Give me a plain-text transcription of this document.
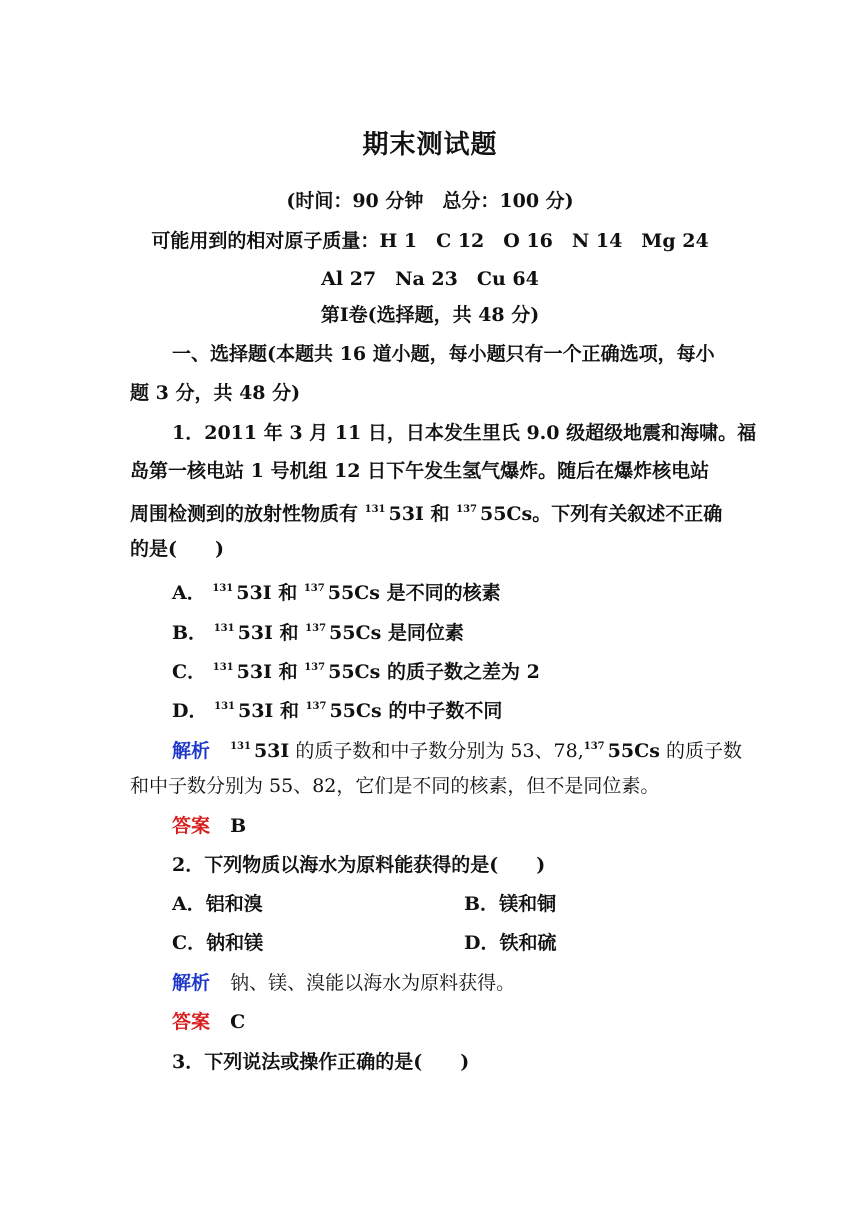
期末测试题
(时间：90 分钟　总分：100 分)
可能用到的相对原子质量：H 1　C 12　O 16　N 14　Mg 24
Al 27　Na 23　Cu 64
第Ⅰ卷(选择题，共 48 分)
一、选择题(本题共 16 道小题，每小题只有一个正确选项，每小
题 3 分，共 48 分)
1．2011 年 3 月 11 日，日本发生里氏 9.0 级超级地震和海啸。福
岛第一核电站 1 号机组 12 日下午发生氢气爆炸。随后在爆炸核电站
周围检测到的放射性物质有 $^{131}$ 53I 和 $^{137}$ 55Cs。下列有关叙述不正确
的是(　　)
A． $^{131}$ 53I 和 $^{137}$ 55Cs 是不同的核素
B． $^{131}$ 53I 和 $^{137}$ 55Cs 是同位素
C． $^{131}$ 53I 和 $^{137}$ 55Cs 的质子数之差为 2
D． $^{131}$ 53I 和 $^{137}$ 55Cs 的中子数不同
解析 $^{131}$ 53I 的质子数和中子数分别为 53、78,$^{137}$ 55Cs 的质子数
和中子数分别为 55、82，它们是不同的核素，但不是同位素。
答案 B
2．下列物质以海水为原料能获得的是(　　)
A．铝和溴	B．镁和铜
C．钠和镁	D．铁和硫
解析 钠、镁、溴能以海水为原料获得。
答案 C
3．下列说法或操作正确的是(　　)
